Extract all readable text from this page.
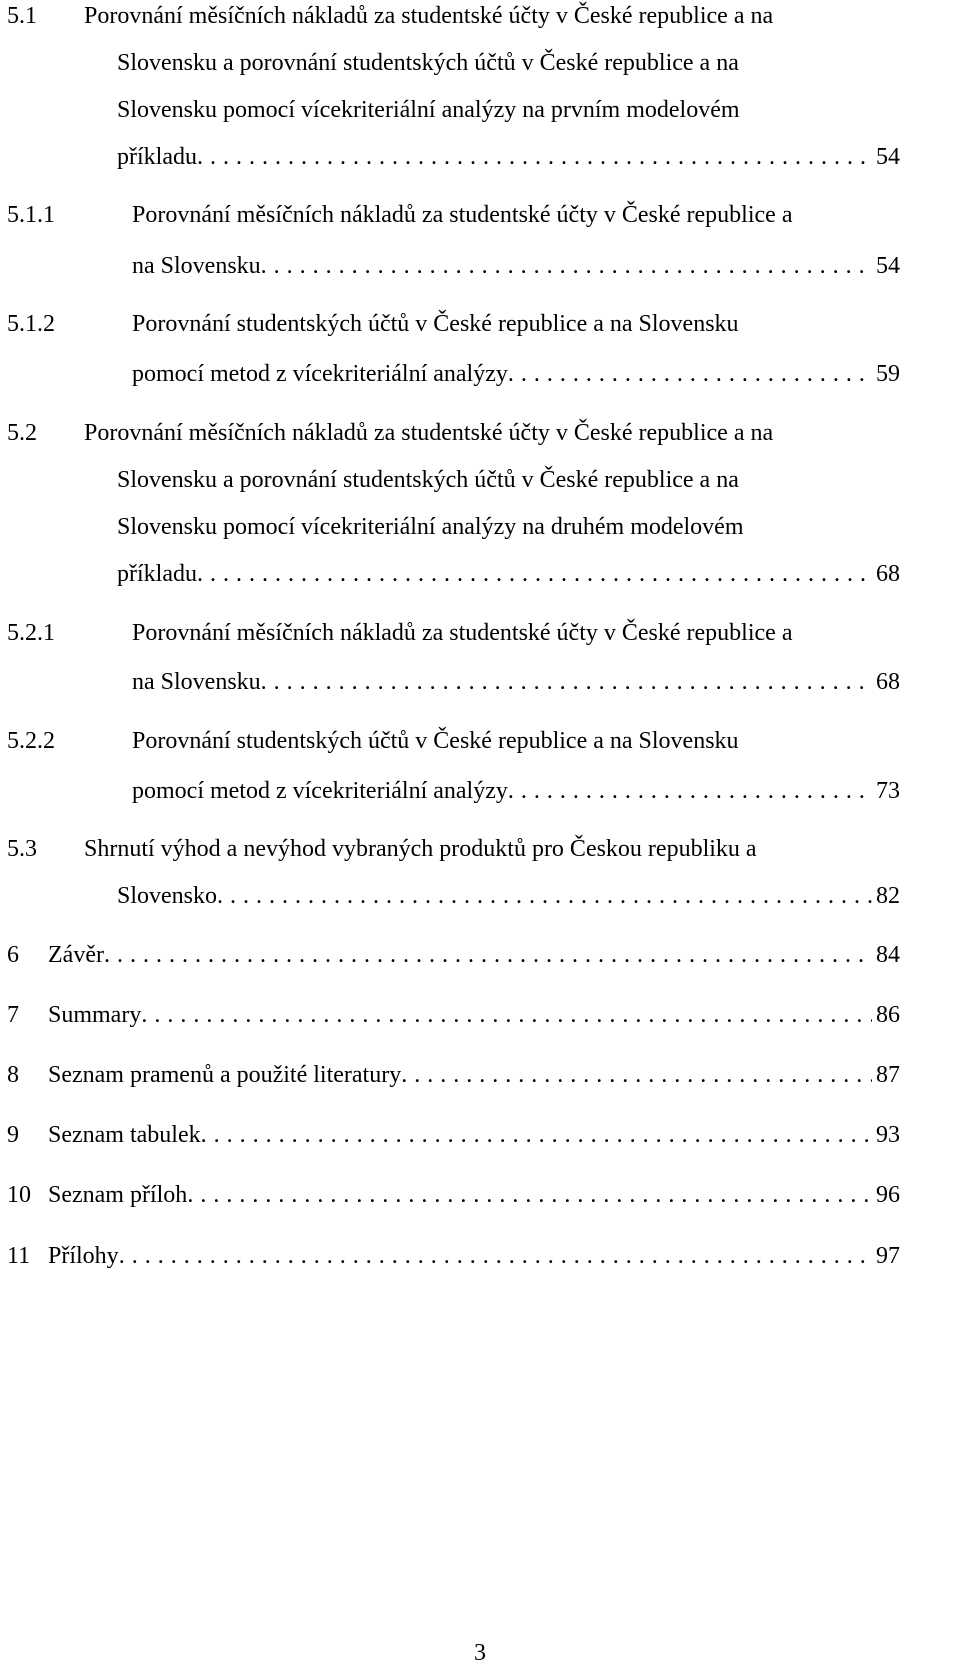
5.1 Porovnání měsíčních nákladů za studentské účty v České republice a na
Slovensku a porovnání studentských účtů v České republice a na
Slovensku pomocí vícekriteriální analýzy na prvním modelovém
příkladu . . .	54
5.1.1	Porovnání měsíčních nákladů za studentské účty v České republice a
na Slovensku . . .	54
5.1.2	Porovnání studentských účtů v České republice a na Slovensku
pomocí metod z vícekriteriální analýzy . . .	59
5.2 Porovnání měsíčních nákladů za studentské účty v České republice a na
Slovensku a porovnání studentských účtů v České republice a na
Slovensku pomocí vícekriteriální analýzy na druhém modelovém
příkladu . . .	68
5.2.1	Porovnání měsíčních nákladů za studentské účty v České republice a
na Slovensku . . .	68
5.2.2	Porovnání studentských účtů v České republice a na Slovensku
pomocí metod z vícekriteriální analýzy . . .	73
5.3 Shrnutí výhod a nevýhod vybraných produktů pro Českou republiku a
Slovensko . . .	82
6 Závěr . . .	84
7 Summary . . .	86
8 Seznam pramenů a použité literatury . . .	87
9 Seznam tabulek . . .	93
10 Seznam příloh . . .	96
11 Přílohy . . .	97
3
